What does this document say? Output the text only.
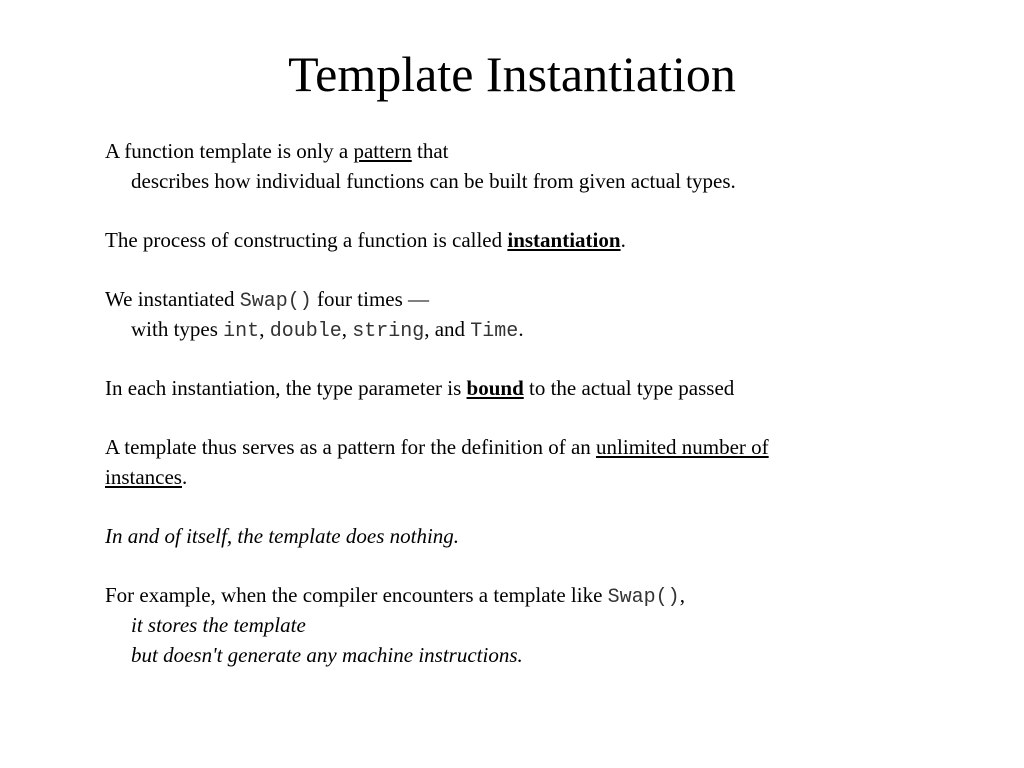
Template Instantiation
A function template is only a pattern that
describes how individual functions can be built from given actual types.
The process of constructing a function is called instantiation.
We instantiated Swap() four times —
with types int, double, string, and Time.
In each instantiation, the type parameter is bound to the actual type passed
A template thus serves as a pattern for the definition of an unlimited number of
instances.
In and of itself, the template does nothing.
For example, when the compiler encounters a template like Swap(),
it stores the template
but doesn't generate any machine instructions.
